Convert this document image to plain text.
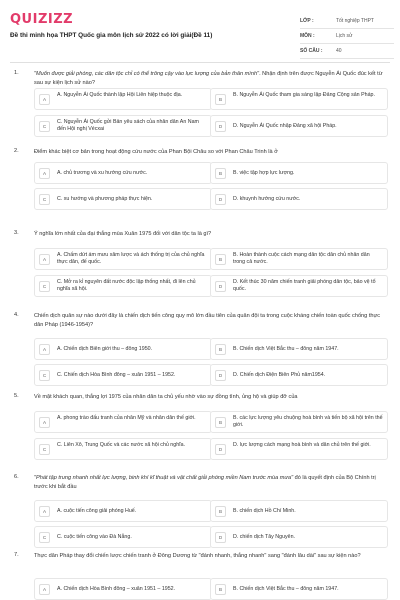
QUIZIZZ
Đề thi minh họa THPT Quốc gia môn lịch sử 2022 có lời giải(Đề 11)
LỚP :	Tốt nghiệp THPT
MÔN :	Lịch sử
SỐ CÂU :	40
1.	"Muốn được giải phóng, các dân tộc chỉ có thể trông cậy vào lực lượng của bản thân mình". Nhận định trên được Nguyễn Ái Quốc đúc kết từ sau sự kiện lịch sử nào?
A
A. Nguyễn Ái Quốc thành lập Hội Liên hiệp thuộc địa.
B
B. Nguyễn Ái Quốc tham gia sáng lập Đảng Cộng sản Pháp.
C
C. Nguyễn Ái Quốc gửi Bản yêu sách của nhân dân An Nam đến Hội nghị Vécxai	D	D. Nguyễn Ái Quốc nhập Đảng xã hội Pháp.
2.	Điểm khác biệt cơ bản trong hoạt động cứu nước của Phan Bội Châu so với Phan Châu Trinh là ở
A	A. chủ trương và xu hướng cứu nước.	B	B. việc tập hợp lực lượng.
C	C. xu hướng và phương pháp thực hiện.	D	D. khuynh hướng cứu nước.
3.	Ý nghĩa lớn nhất của đại thắng mùa Xuân 1975 đối với dân tộc ta là gì?
A
A. Chấm dứt ám mưu xâm lược và ách thống trị của chủ nghĩa thực dân, đế quốc.	B
B. Hoàn thành cuộc cách mạng dân tộc dân chủ nhân dân trong cả nước.
C
C. Mở ra kỉ nguyên đất nước độc lập thống nhất, đi lên chủ nghĩa xã hội.	D
D. Kết thúc 30 năm chiến tranh giải phóng dân tộc, bảo vệ tổ quốc.
4.	Chiến dịch quân sự nào dưới đây là chiến dịch tiến công quy mô lớn đầu tiên của quân đội ta trong cuộc kháng chiến toàn quốc chống thực dân Pháp (1946-1954)?
A	A. Chiến dịch Biên giới thu – đông 1950.	B	B. Chiến dịch Việt Bắc thu – đông năm 1947.
C	C. Chiến dịch Hòa Bình đông – xuân 1951 – 1952.	D	D. Chiến dịch Điện Biên Phủ năm1954.
5.	Về mặt khách quan, thắng lợi 1975 của nhân dân ta chủ yếu nhờ vào sự đồng tình, ủng hộ và giúp đỡ của
A
A. phong trào đấu tranh của nhân Mỹ và nhân dân thế giới.
B
B. các lực lượng yêu chuộng hoà bình và tiến bộ xã hội trên thế giới.
C
C. Liên Xô, Trung Quốc và các nước xã hội chủ nghĩa.
D
D. lực lượng cách mạng hoà bình và dân chủ trên thế giới.
6.	"Phát tập trung nhanh nhất lực lượng, binh khí kĩ thuật và vật chất giải phóng miền Nam trước mùa mưa" đó là quyết định của Bộ Chính trị trước khi bắt đầu
A	A. cuộc tiến công giải phóng Huế.	B	B. chiến dịch Hồ Chí Minh.
C	C. cuộc tiến công vào Đà Nẵng.	D	D. chiến dịch Tây Nguyên.
7.	Thực dân Pháp thay đổi chiến lược chiến tranh ở Đông Dương từ "đánh nhanh, thắng nhanh" sang "đánh lâu dài" sau sự kiện nào?
A	A. Chiến dịch Hòa Bình đông – xuân 1951 – 1952.	B	B. Chiến dịch Việt Bắc thu – đông năm 1947.
